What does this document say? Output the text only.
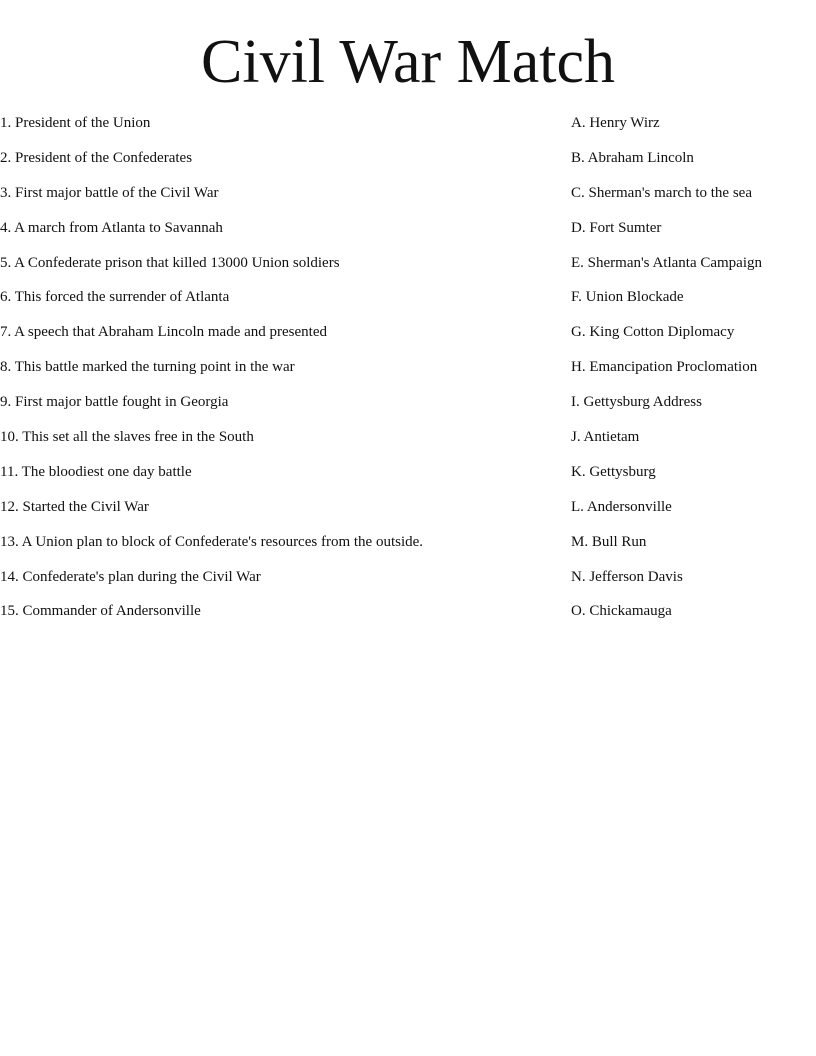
Civil War Match
1. President of the Union
2. President of the Confederates
3. First major battle of the Civil War
4. A march from Atlanta to Savannah
5. A Confederate prison that killed 13000 Union soldiers
6. This forced the surrender of Atlanta
7. A speech that Abraham Lincoln made and presented
8. This battle marked the turning point in the war
9. First major battle fought in Georgia
10. This set all the slaves free in the South
11. The bloodiest one day battle
12. Started the Civil War
13. A Union plan to block of Confederate's resources from the outside.
14. Confederate's plan during the Civil War
15. Commander of Andersonville
A. Henry Wirz
B. Abraham Lincoln
C. Sherman's march to the sea
D. Fort Sumter
E. Sherman's Atlanta Campaign
F. Union Blockade
G. King Cotton Diplomacy
H. Emancipation Proclomation
I. Gettysburg Address
J. Antietam
K. Gettysburg
L. Andersonville
M. Bull Run
N. Jefferson Davis
O. Chickamauga
